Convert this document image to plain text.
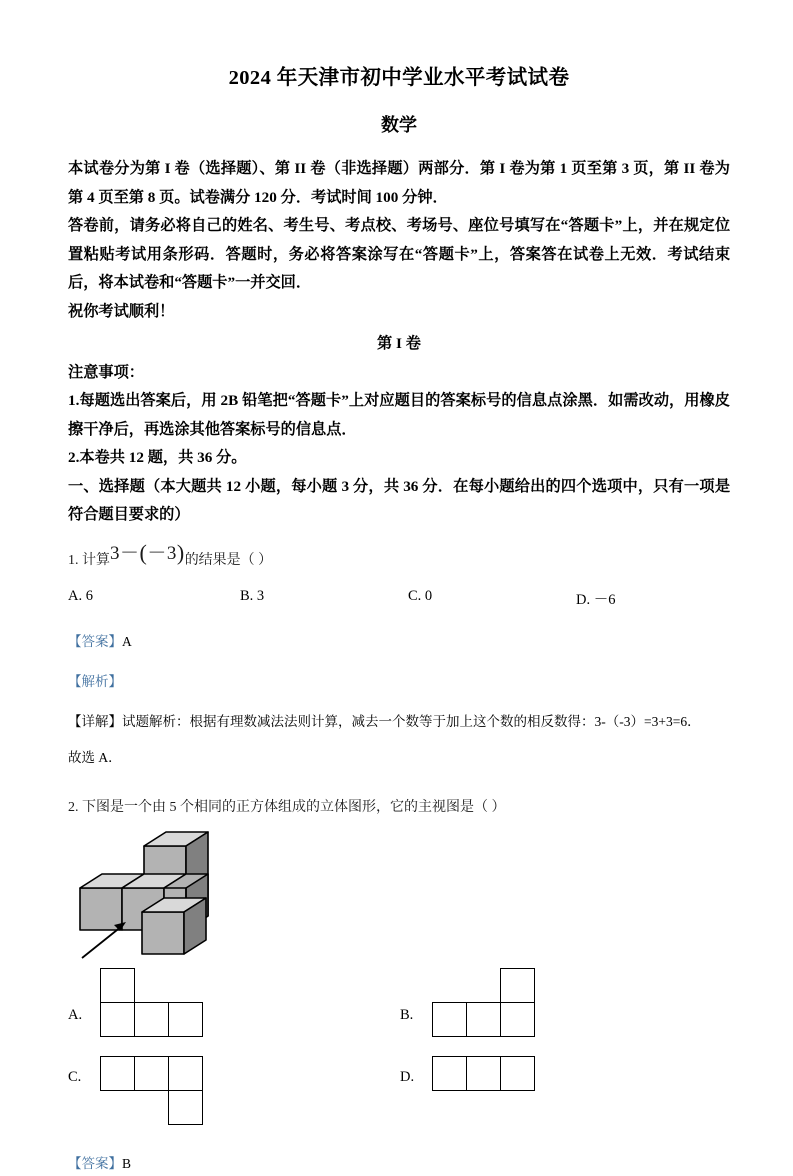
2024 年天津市初中学业水平考试试卷
数学

本试卷分为第 I 卷（选择题）、第 II 卷（非选择题）两部分．第 I 卷为第 1 页至第 3 页，第 II 卷为第 4 页至第 8 页。试卷满分 120 分．考试时间 100 分钟．

答卷前，请务必将自己的姓名、考生号、考点校、考场号、座位号填写在“答题卡”上，并在规定位置粘贴考试用条形码．答题时，务必将答案涂写在“答题卡”上，答案答在试卷上无效．考试结束后，将本试卷和“答题卡”一并交回．

祝你考试顺利！

第 I 卷

注意事项：

1.每题选出答案后，用 2B 铅笔把“答题卡”上对应题目的答案标号的信息点涂黑．如需改动，用橡皮擦干净后，再选涂其他答案标号的信息点．

2.本卷共 12 题，共 36 分。

一、选择题（本大题共 12 小题，每小题 3 分，共 36 分．在每小题给出的四个选项中，只有一项是符合题目要求的）

1. 计算3－(－3)的结果是（ ）
A. 6	B. 3	C. 0	D. －6

【答案】A

【解析】

【详解】试题解析：根据有理数减法法则计算，减去一个数等于加上这个数的相反数得：3-（-3）=3+3=6．

故选 A．

2. 下图是一个由 5 个相同的正方体组成的立体图形，它的主视图是（ ）
A.	B.
C.	D.

【答案】B
